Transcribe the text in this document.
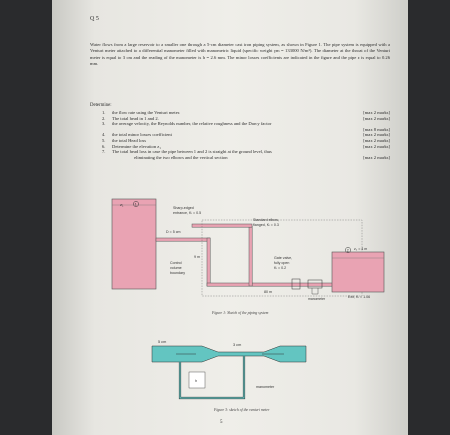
Q 5
Water flows from a large reservoir to a smaller one through a 5-cm diameter cast iron piping system, as shown in Figure 1. The pipe system is equipped with a Venturi meter attached to a differential manometer filled with manometric liquid (specific weight γm = 133000 N/m³). The diameter at the throat of the Venturi meter is equal to 3 cm and the reading of the manometer is h = 2.6 mm. The minor losses coefficients are indicated in the figure and the pipe ε is equal to 0.26 mm.
Determine:
1.	the flow rate using the Venturi meter.	[max 2 marks]
2.	The total head in 1 and 2.	[max 2 marks]
3.	the average velocity, the Reynolds number, the relative roughness and the Darcy factor
[max 8 marks]
4.	the total minor losses coefficient	[max 2 marks]
5.	the total Head loss	[max 2 marks]
6.	Determine the elevation z₁	[max 2 marks]
7.	The total head loss in case the pipe between 1 and 2 is straight at the ground level, thus
eliminating the two elbows and the vertical section	[max 2 marks]
z₁	1
2 z₂ = 4 m
Sharp-edged
entrance, Kₗ = 0.5
Standard elbow,
flanged, Kₗ = 0.3
D = 5 cm
9 m
Control
volume
boundary
Gate valve,
fully open
Kₗ = 0.2
80 m
manometer	Exit, Kₗ = 1.06
5 cm
3 cm
h
manometer
Figure 1: Sketch of the piping system
Figure 3: sketch of the venturi meter
5
